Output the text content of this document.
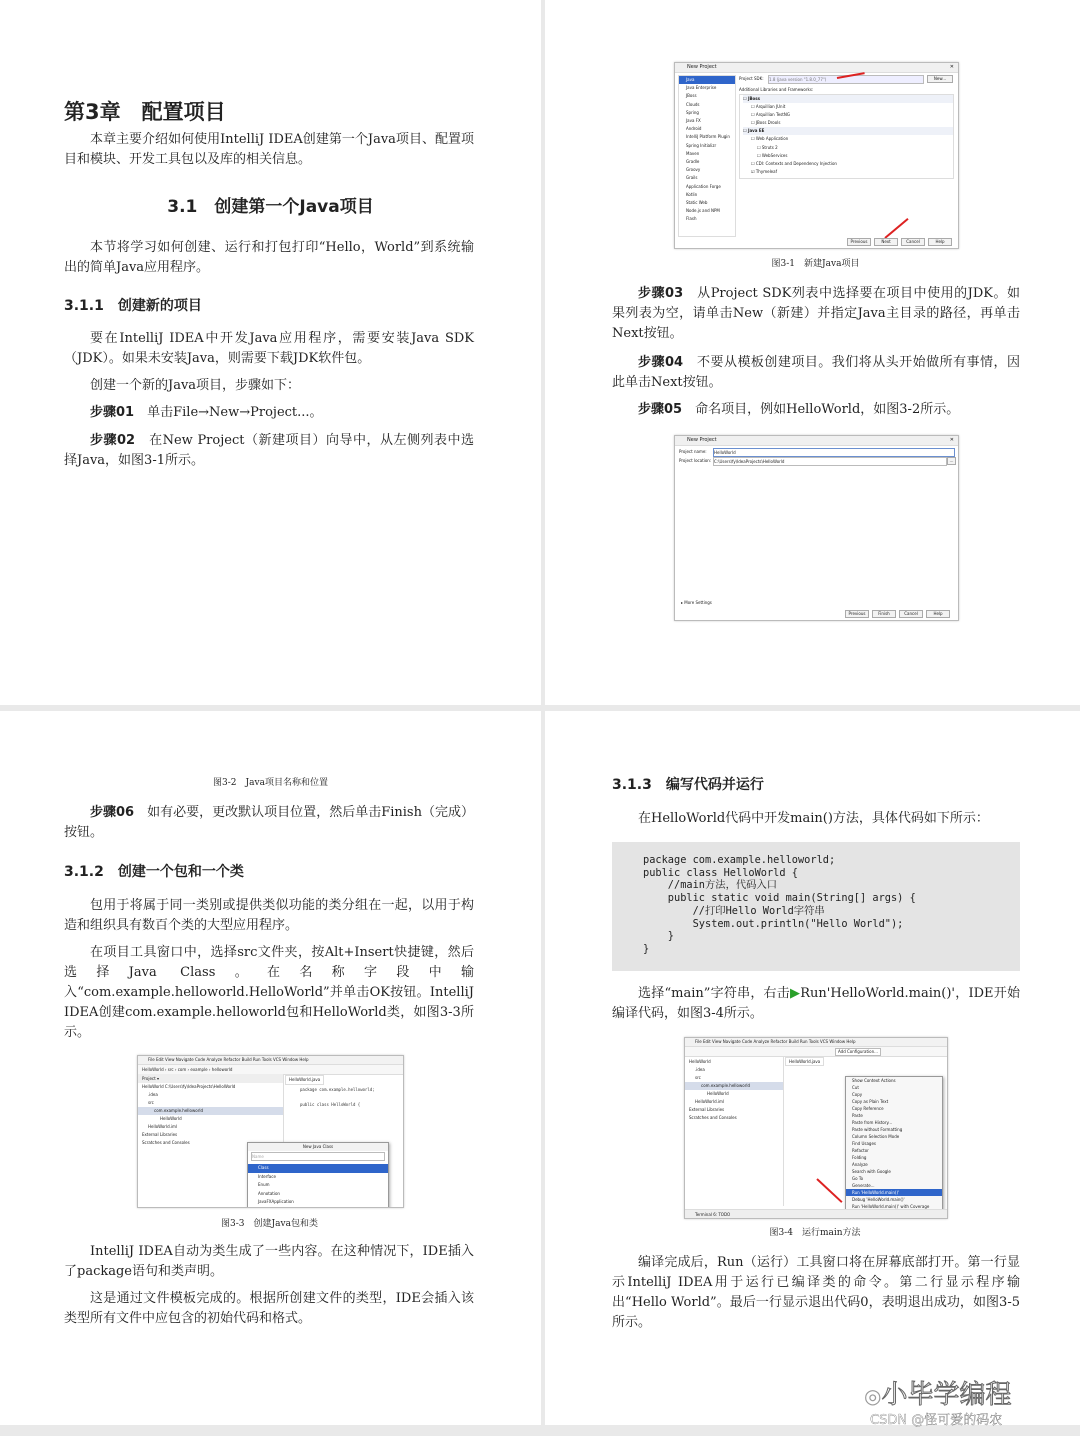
第3章　配置项目

本章主要介绍如何使用IntelliJ IDEA创建第一个Java项目、配置项目和模块、开发工具包以及库的相关信息。

3.1　创建第一个Java项目

本节将学习如何创建、运行和打包打印“Hello，World”到系统输出的简单Java应用程序。

3.1.1　创建新的项目

要在IntelliJ IDEA中开发Java应用程序，需要安装Java SDK（JDK）。如果未安装Java，则需要下载JDK软件包。

创建一个新的Java项目，步骤如下：

步骤01　 单击File→New→Project...。

步骤02　 在New Project（新建项目）向导中，从左侧列表中选择Java，如图3-1所示。

New Project	✕
Java
Java Enterprise
JBoss
Clouds
Spring
Java FX
Android
IntelliJ Platform Plugin
Spring Initializr
Maven
Gradle
Groovy
Grails
Application Forge
Kotlin
Static Web
Node.js and NPM
Flash
Project SDK: 1.8 (java version "1.8.0_77")	New...
Additional Libraries and Frameworks:
☐ JBoss
☐ Arquillian JUnit
☐ Arquillian TestNG
☐ JBoss Drools
☐ Java EE
☐ Web Application
☐ Struts 2
☐ WebServices
☐ CDI: Contexts and Dependency Injection
☑ Thymeleaf
Previous	Next	Cancel	Help
图3-1　新建Java项目

步骤03　 从Project SDK列表中选择要在项目中使用的JDK。如果列表为空，请单击New（新建）并指定Java主目录的路径，再单击Next按钮。

步骤04　 不要从模板创建项目。我们将从头开始做所有事情，因此单击Next按钮。

步骤05　 命名项目，例如HelloWorld，如图3-2所示。

New Project	✕
Project name: HelloWorld
Project location: C:\Users\fy\IdeaProjects\HelloWorld	…
▸ More Settings
Previous	Finish	Cancel	Help
图3-2　Java项目名称和位置

步骤06　 如有必要，更改默认项目位置，然后单击Finish（完成）按钮。

3.1.2　创建一个包和一个类

包用于将属于同一类别或提供类似功能的类分组在一起，以用于构造和组织具有数百个类的大型应用程序。

在项目工具窗口中，选择src文件夹，按Alt+Insert快捷键，然后选择Java Class。在名称字段中输入“com.example.helloworld.HelloWorld”并单击OK按钮。IntelliJ IDEA创建com.example.helloworld包和HelloWorld类，如图3-3所示。

File Edit View Navigate Code Analyze Refactor Build Run Tools VCS Window Help
HelloWorld › src › com › example › helloworld
Project ▾
HelloWorld C:\Users\fy\IdeaProjects\HelloWorld
.idea
src
com.example.helloworld
HelloWorld
HelloWorld.iml
External Libraries
Scratches and Consoles
HelloWorld.java
package com.example.helloworld;
public class HelloWorld {
New Java Class
Name
Class
Interface
Enum
Annotation
JavaFXApplication
图3-3　创建Java包和类

IntelliJ IDEA自动为类生成了一些内容。在这种情况下，IDE插入了package语句和类声明。

这是通过文件模板完成的。根据所创建文件的类型，IDE会插入该类型所有文件中应包含的初始代码和格式。

3.1.3　编写代码并运行

在HelloWorld代码中开发main()方法，具体代码如下所示：

package com.example.helloworld;
public class HelloWorld {
//main方法，代码入口
public static void main(String[] args) {
//打印Hello World字符串
System.out.println("Hello World");
}
}

选择“main”字符串，右击▶Run'HelloWorld.main()'，IDE开始编译代码，如图3-4所示。

File Edit View Navigate Code Analyze Refactor Build Run Tools VCS Window Help
Add Configuration...
HelloWorld
.idea
src
com.example.helloworld
HelloWorld
HelloWorld.iml
External Libraries
Scratches and Consoles
HelloWorld.java
Show Context Actions
Cut
Copy
Copy as Plain Text
Copy Reference
Paste
Paste from History...
Paste without Formatting
Column Selection Mode
Find Usages
Refactor
Folding
Analyze
Search with Google
Go To
Generate...
Run 'HelloWorld.main()'
Debug 'HelloWorld.main()'
Run 'HelloWorld.main()' with Coverage
Terminal 6: TODO
图3-4　运行main方法

编译完成后，Run（运行）工具窗口将在屏幕底部打开。第一行显示IntelliJ IDEA用于运行已编译类的命令。第二行显示程序输出“Hello World”。最后一行显示退出代码0，表明退出成功，如图3-5所示。

◎小毕学编程
CSDN @怪可爱的码农
